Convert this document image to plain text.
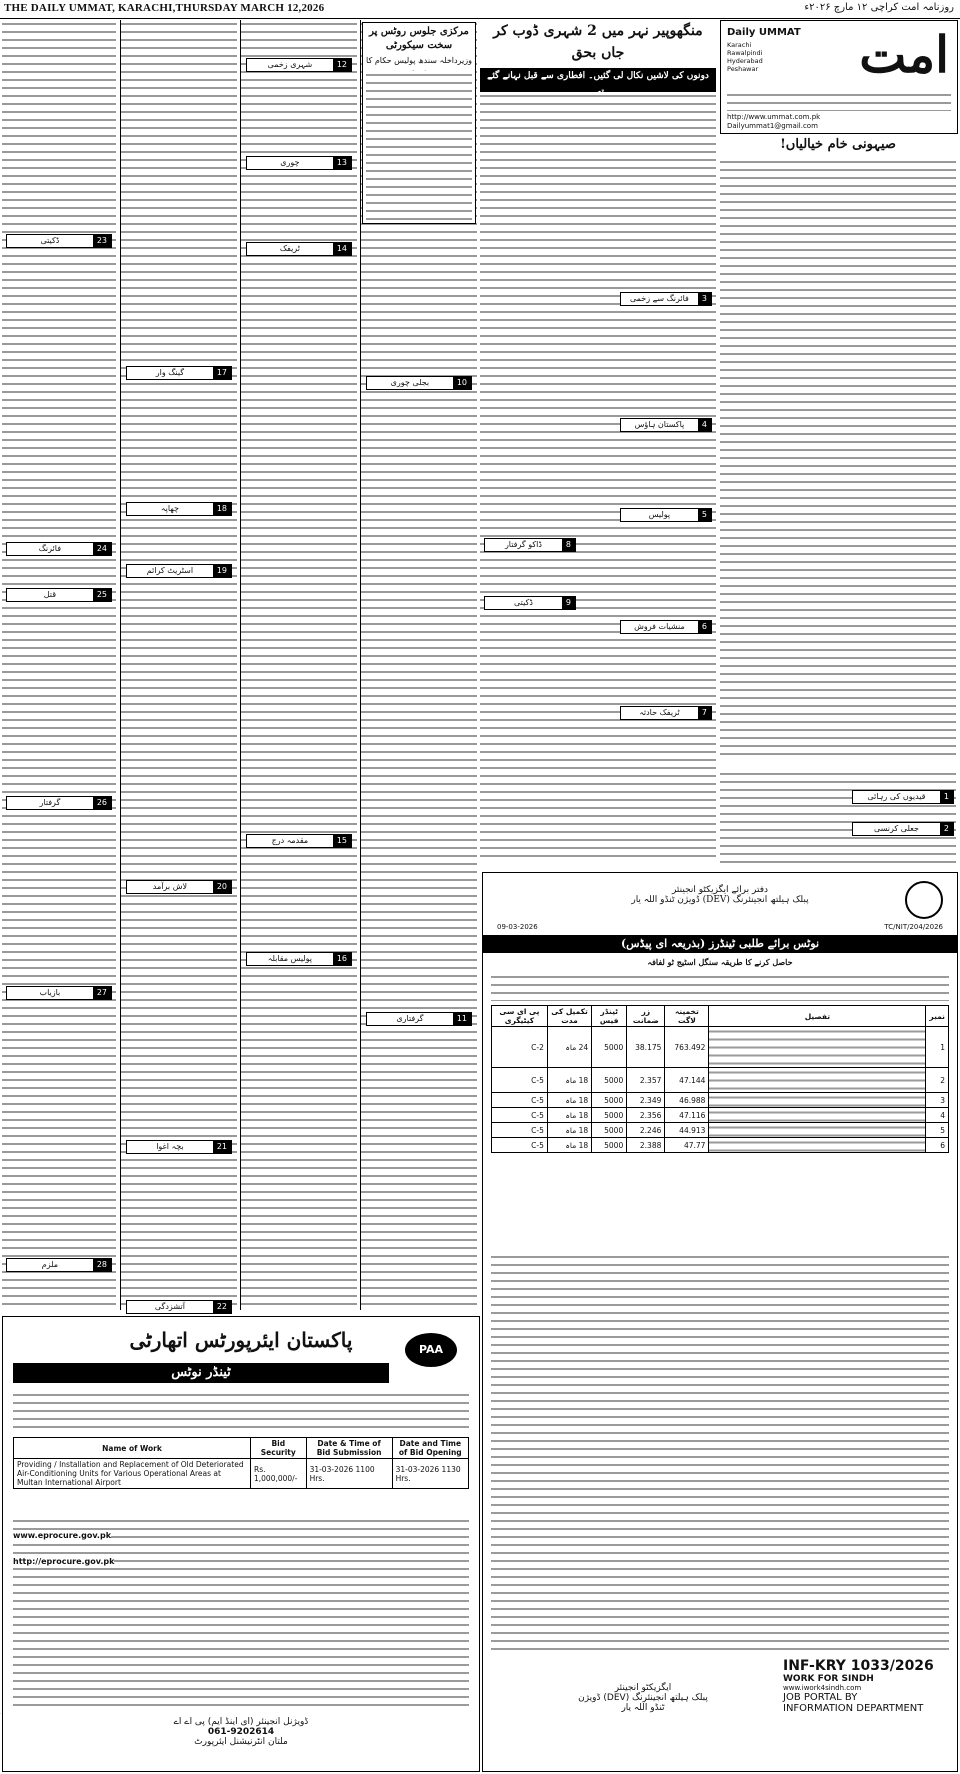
THE DAILY UMMAT, KARACHI,THURSDAY MARCH 12,2026	روزنامہ امت کراچی ۱۲ مارچ ۲۰۲۶ء
امت
Daily UMMAT
Karachi
Rawalpindi
Hyderabad
Peshawar
http://www.ummat.com.pk
Dailyummat1@gmail.com
صیہونی خام خیالیاں!
منگھوپیر نہر میں 2 شہری ڈوب کر جاں بحق
دونوں کی لاشیں نکال لی گئیں۔ افطاری سے قبل نہانے گئے
مرکزی جلوس روٹس پر سخت سیکورٹی
وزیرداخلہ سندھ پولیس حکام کا
3
فائرنگ سے زخمی
4
پاکستان ہاؤس
5
پولیس
6
منشیات فروش
7
ٹریفک حادثہ
8
ڈاکو گرفتار
9
ڈکیتی
10
بجلی چوری
11
گرفتاری
12
شہری زخمی
13
چوری
14
ٹریفک
15
مقدمہ درج
16
پولیس مقابلہ
17
گینگ وار
18
چھاپہ
19
اسٹریٹ کرائم
20
لاش برآمد
21
بچہ اغوا
22
آتشزدگی
23
ڈکیتی
24
فائرنگ
25
قتل
26
گرفتار
27
بازیاب
28
ملزم
1
قیدیوں کی رہائی
2
جعلی کرنسی
دفتر برائے ایگزیکٹو انجینئر
پبلک ہیلتھ انجینئرنگ (DEV) ڈویژن ٹنڈو اللہ یار
09-03-2026	TC/NIT/204/2026
نوٹس برائے طلبی ٹینڈرز (بذریعہ ای پیڈس)
حاصل کرنے کا طریقہ سنگل اسٹیج ٹو لفافہ
نمبر	تفصیل	تخمینہ لاگت	زر ضمانت	ٹینڈر فیس	تکمیل کی مدت	پی ای سی کیٹیگری
1		763.492	38.175	5000	24 ماہ	C-2
2		47.144	2.357	5000	18 ماہ	C-5
3		46.988	2.349	5000	18 ماہ	C-5
4		47.116	2.356	5000	18 ماہ	C-5
5		44.913	2.246	5000	18 ماہ	C-5
6		47.77	2.388	5000	18 ماہ	C-5
INF-KRY 1033/2026
WORK FOR SINDH
www.iwork4sindh.com
JOB PORTAL BY
INFORMATION DEPARTMENT
ایگزیکٹو انجینئر
پبلک ہیلتھ انجینئرنگ (DEV) ڈویژن
ٹنڈو اللہ یار
پاکستان ایئرپورٹس اتھارٹی
ٹینڈر نوٹس
PAA
Name of Work	Bid Security	Date & Time of Bid Submission	Date and Time of Bid Opening
Providing / Installation and Replacement of Old Deteriorated Air-Conditioning Units for Various Operational Areas at Multan International Airport	Rs. 1,000,000/-	31-03-2026 1100 Hrs.	31-03-2026 1130 Hrs.
www.eprocure.gov.pk
http://eprocure.gov.pk
ڈویژنل انجینئر (ای اینڈ ایم) پی اے اے
061-9202614
ملتان انٹرنیشنل ایئرپورٹ
